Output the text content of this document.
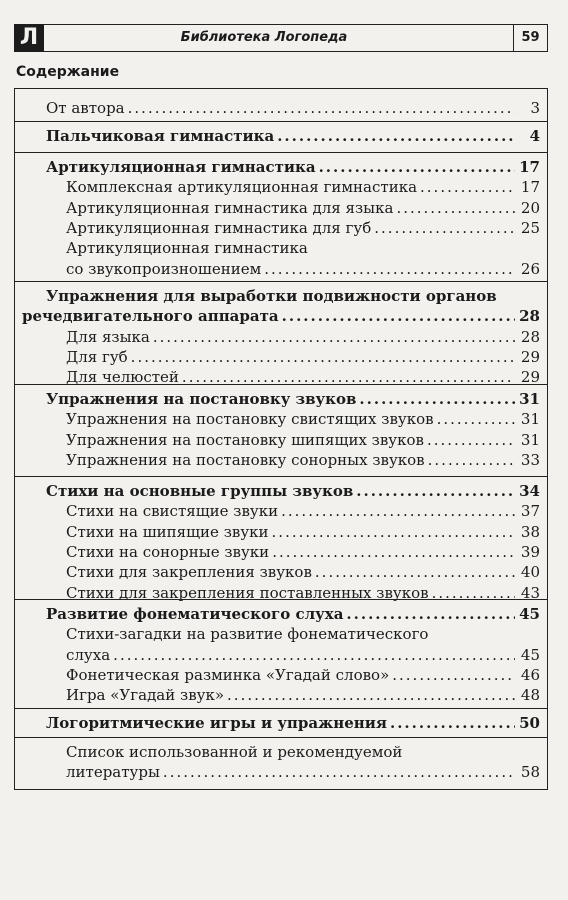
Л	Библиотека Логопеда	59
Содержание
От автора .....	3
Пальчиковая гимнастика .....	4
Артикуляционная гимнастика .....	17
Комплексная артикуляционная гимнастика .....	17
Артикуляционная гимнастика для языка .....	20
Артикуляционная гимнастика для губ .....	25
Артикуляционная гимнастика
со звукопроизношением .....	26
Упражнения для выработки подвижности органов
речедвигательного аппарата .....	28
Для языка .....	28
Для губ .....	29
Для челюстей .....	29
Упражнения на постановку звуков .....	31
Упражнения на постановку свистящих звуков .....	31
Упражнения на постановку шипящих звуков .....	31
Упражнения на постановку сонорных звуков .....	33
Стихи на основные группы звуков .....	34
Стихи на свистящие звуки .....	37
Стихи на шипящие звуки .....	38
Стихи на сонорные звуки .....	39
Стихи для закрепления звуков .....	40
Стихи для закрепления поставленных звуков .....	43
Развитие фонематического слуха .....	45
Стихи-загадки на развитие фонематического
слуха .....	45
Фонетическая разминка «Угадай слово» .....	46
Игра «Угадай звук» .....	48
Логоритмические игры и упражнения .....	50
Список использованной и рекомендуемой
литературы .....	58
